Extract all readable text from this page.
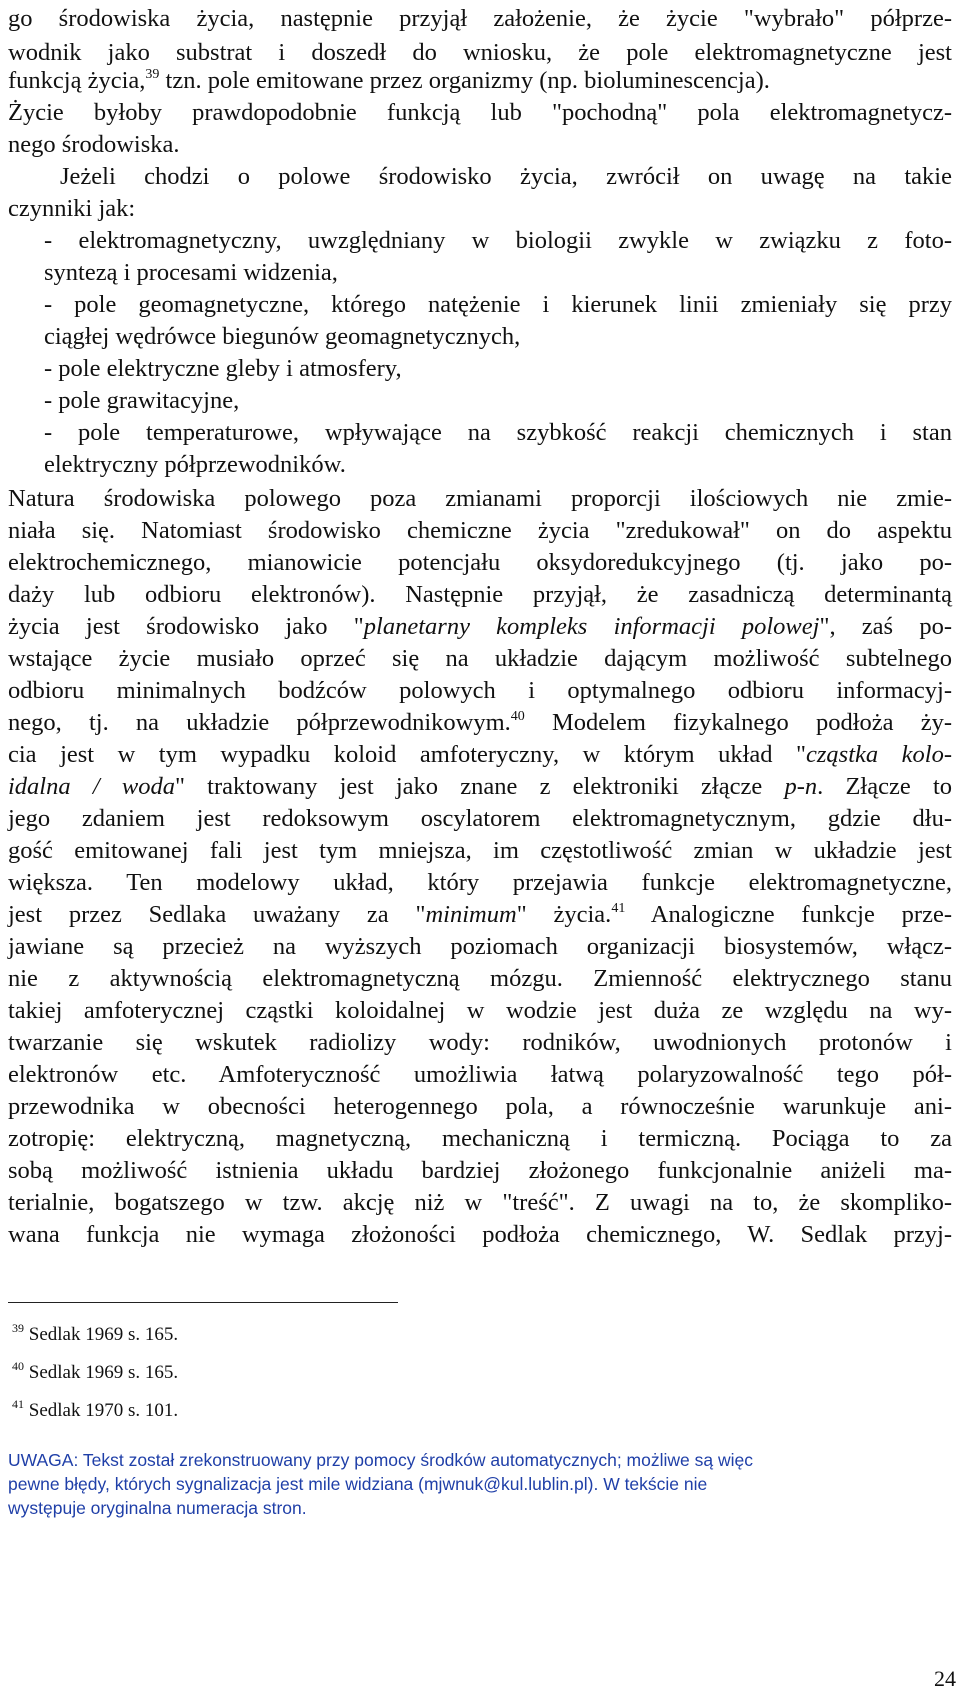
go środowiska życia, następnie przyjął założenie, że życie "wybrało" półprze-
wodnik jako substrat i doszedł do wniosku, że pole elektromagnetyczne jest
funkcją życia,$^{39}$ tzn. pole emitowane przez organizmy (np. bioluminescencja).
Życie byłoby prawdopodobnie funkcją lub "pochodną" pola elektromagnetycz-
nego środowiska.
Jeżeli chodzi o polowe środowisko życia, zwrócił on uwagę na takie
czynniki jak:
- elektromagnetyczny, uwzględniany w biologii zwykle w związku z foto-
syntezą i procesami widzenia,
- pole geomagnetyczne, którego natężenie i kierunek linii zmieniały się przy
ciągłej wędrówce biegunów geomagnetycznych,
- pole elektryczne gleby i atmosfery,
- pole grawitacyjne,
- pole temperaturowe, wpływające na szybkość reakcji chemicznych i stan
elektryczny półprzewodników.
Natura środowiska polowego poza zmianami proporcji ilościowych nie zmie-
niała się. Natomiast środowisko chemiczne życia "zredukował" on do aspektu
elektrochemicznego, mianowicie potencjału oksydoredukcyjnego (tj. jako po-
daży lub odbioru elektronów). Następnie przyjął, że zasadniczą determinantą
życia jest środowisko jako "planetarny kompleks informacji polowej", zaś po-
wstające życie musiało oprzeć się na układzie dającym możliwość subtelnego
odbioru minimalnych bodźców polowych i optymalnego odbioru informacyj-
nego, tj. na układzie półprzewodnikowym.$^{40}$ Modelem fizykalnego podłoża ży-
cia jest w tym wypadku koloid amfoteryczny, w którym układ "cząstka kolo-
idalna / woda" traktowany jest jako znane z elektroniki złącze p-n. Złącze to
jego zdaniem jest redoksowym oscylatorem elektromagnetycznym, gdzie dłu-
gość emitowanej fali jest tym mniejsza, im częstotliwość zmian w układzie jest
większa. Ten modelowy układ, który przejawia funkcje elektromagnetyczne,
jest przez Sedlaka uważany za "minimum" życia.$^{41}$ Analogiczne funkcje prze-
jawiane są przecież na wyższych poziomach organizacji biosystemów, włącz-
nie z aktywnością elektromagnetyczną mózgu. Zmienność elektrycznego stanu
takiej amfoterycznej cząstki koloidalnej w wodzie jest duża ze względu na wy-
twarzanie się wskutek radiolizy wody: rodników, uwodnionych protonów i
elektronów etc. Amfoteryczność umożliwia łatwą polaryzowalność tego pół-
przewodnika w obecności heterogennego pola, a równocześnie warunkuje ani-
zotropię: elektryczną, magnetyczną, mechaniczną i termiczną. Pociąga to za
sobą możliwość istnienia układu bardziej złożonego funkcjonalnie aniżeli ma-
terialnie, bogatszego w tzw. akcję niż w "treść". Z uwagi na to, że skomplikо-
wana funkcja nie wymaga złożoności podłoża chemicznego, W. Sedlak przyj-
$^{39}$ Sedlak 1969 s. 165.
$^{40}$ Sedlak 1969 s. 165.
$^{41}$ Sedlak 1970 s. 101.
UWAGA: Tekst został zrekonstruowany przy pomocy środków automatycznych; możliwe są więc
pewne błędy, których sygnalizacja jest mile widziana (mjwnuk@kul.lublin.pl). W tekście nie
występuje oryginalna numeracja stron.
24
